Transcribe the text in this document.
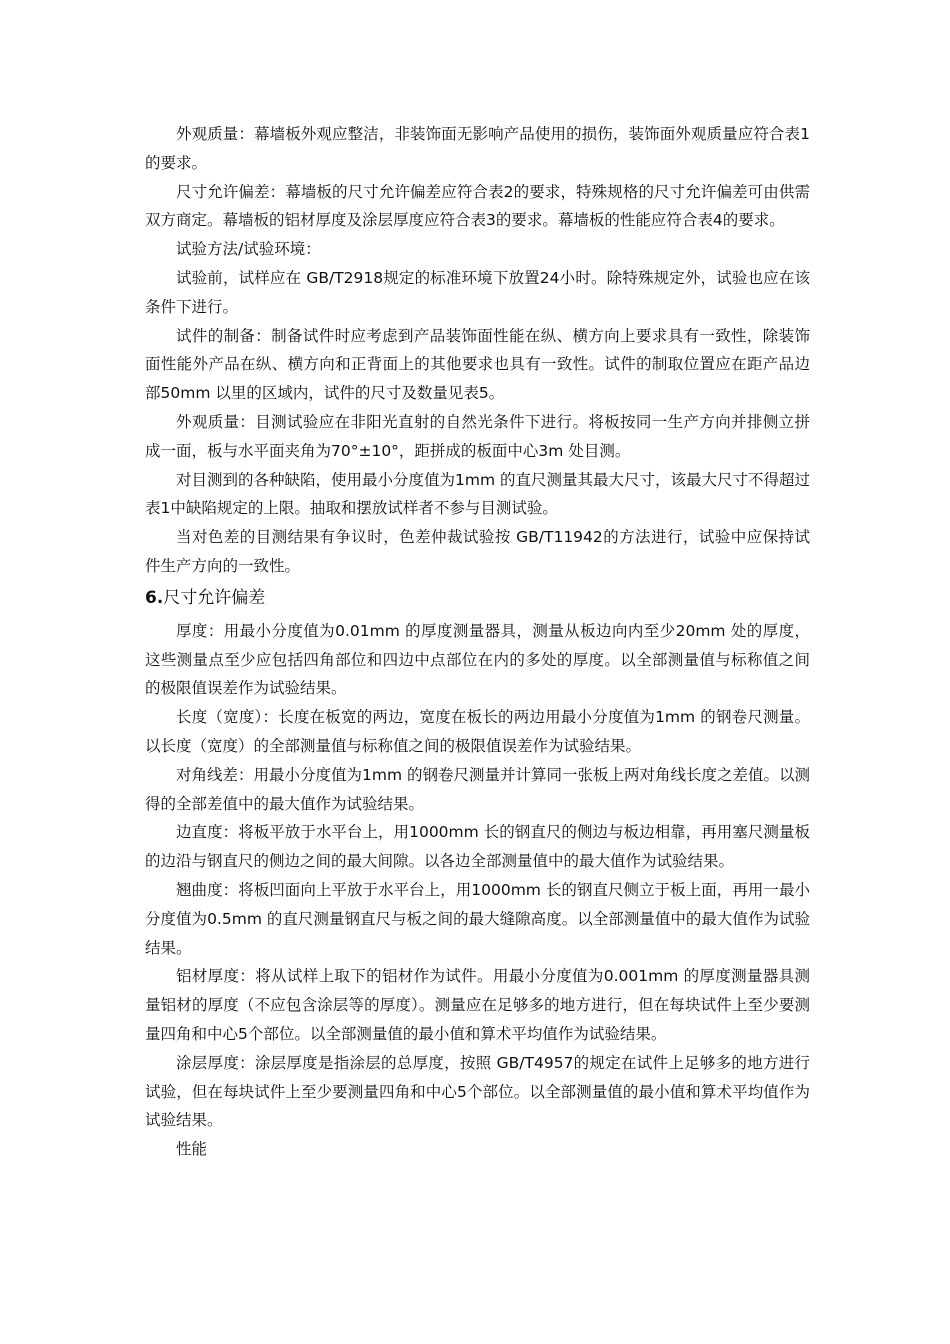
外观质量：幕墙板外观应整洁，非装饰面无影响产品使用的损伤，装饰面外观质量应符合表1的要求。

尺寸允许偏差：幕墙板的尺寸允许偏差应符合表2的要求，特殊规格的尺寸允许偏差可由供需双方商定。幕墙板的铝材厚度及涂层厚度应符合表3的要求。幕墙板的性能应符合表4的要求。

试验方法/试验环境：

试验前，试样应在 GB/T2918规定的标准环境下放置24小时。除特殊规定外，试验也应在该条件下进行。

试件的制备：制备试件时应考虑到产品装饰面性能在纵、横方向上要求具有一致性，除装饰面性能外产品在纵、横方向和正背面上的其他要求也具有一致性。试件的制取位置应在距产品边部50mm 以里的区域内，试件的尺寸及数量见表5。

外观质量：目测试验应在非阳光直射的自然光条件下进行。将板按同一生产方向并排侧立拼成一面，板与水平面夹角为70°±10°，距拼成的板面中心3m 处目测。

对目测到的各种缺陷，使用最小分度值为1mm 的直尺测量其最大尺寸，该最大尺寸不得超过表1中缺陷规定的上限。抽取和摆放试样者不参与目测试验。

当对色差的目测结果有争议时，色差仲裁试验按 GB/T11942的方法进行，试验中应保持试件生产方向的一致性。

6.尺寸允许偏差

厚度：用最小分度值为0.01mm 的厚度测量器具，测量从板边向内至少20mm 处的厚度，这些测量点至少应包括四角部位和四边中点部位在内的多处的厚度。以全部测量值与标称值之间的极限值误差作为试验结果。

长度（宽度）：长度在板宽的两边，宽度在板长的两边用最小分度值为1mm 的钢卷尺测量。以长度（宽度）的全部测量值与标称值之间的极限值误差作为试验结果。

对角线差：用最小分度值为1mm 的钢卷尺测量并计算同一张板上两对角线长度之差值。以测得的全部差值中的最大值作为试验结果。

边直度：将板平放于水平台上，用1000mm 长的钢直尺的侧边与板边相靠，再用塞尺测量板的边沿与钢直尺的侧边之间的最大间隙。以各边全部测量值中的最大值作为试验结果。

翘曲度：将板凹面向上平放于水平台上，用1000mm 长的钢直尺侧立于板上面，再用一最小分度值为0.5mm 的直尺测量钢直尺与板之间的最大缝隙高度。以全部测量值中的最大值作为试验结果。

铝材厚度：将从试样上取下的铝材作为试件。用最小分度值为0.001mm 的厚度测量器具测量铝材的厚度（不应包含涂层等的厚度）。测量应在足够多的地方进行，但在每块试件上至少要测量四角和中心5个部位。以全部测量值的最小值和算术平均值作为试验结果。

涂层厚度：涂层厚度是指涂层的总厚度，按照 GB/T4957的规定在试件上足够多的地方进行试验，但在每块试件上至少要测量四角和中心5个部位。以全部测量值的最小值和算术平均值作为试验结果。

性能
